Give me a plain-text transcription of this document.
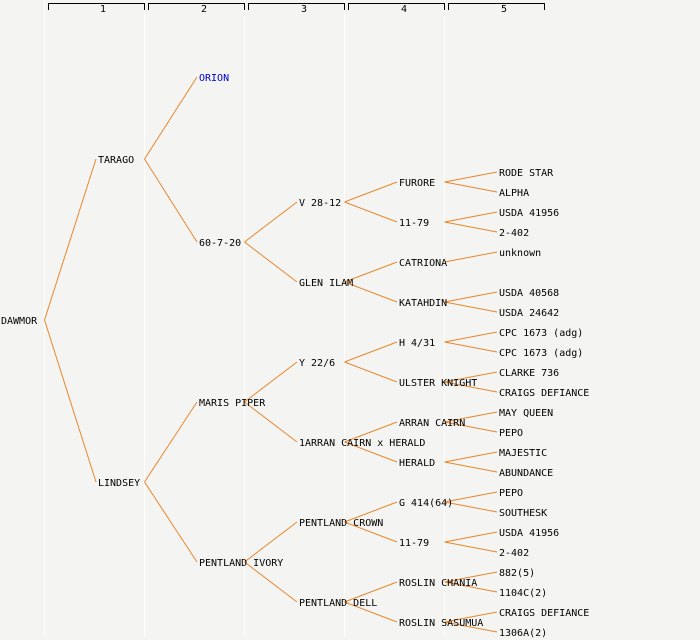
1	2	3	4	5
DAWMOR
TARAGO
LINDSEY
ORION
60-7-20
MARIS PIPER
PENTLAND IVORY
V 28-12
GLEN ILAM
Y 22/6
1ARRAN CAIRN x HERALD
PENTLAND CROWN
PENTLAND DELL
FURORE
11-79
CATRIONA
KATAHDIN
H 4/31
ULSTER KNIGHT
ARRAN CAIRN
HERALD
G 414(64)
11-79
ROSLIN CHANIA
ROSLIN SASUMUA
RODE STAR
ALPHA
USDA 41956
2-402
unknown
USDA 40568
USDA 24642
CPC 1673 (adg)
CPC 1673 (adg)
CLARKE 736
CRAIGS DEFIANCE
MAY QUEEN
PEPO
MAJESTIC
ABUNDANCE
PEPO
SOUTHESK
USDA 41956
2-402
882(5)
1104C(2)
CRAIGS DEFIANCE
1306A(2)
